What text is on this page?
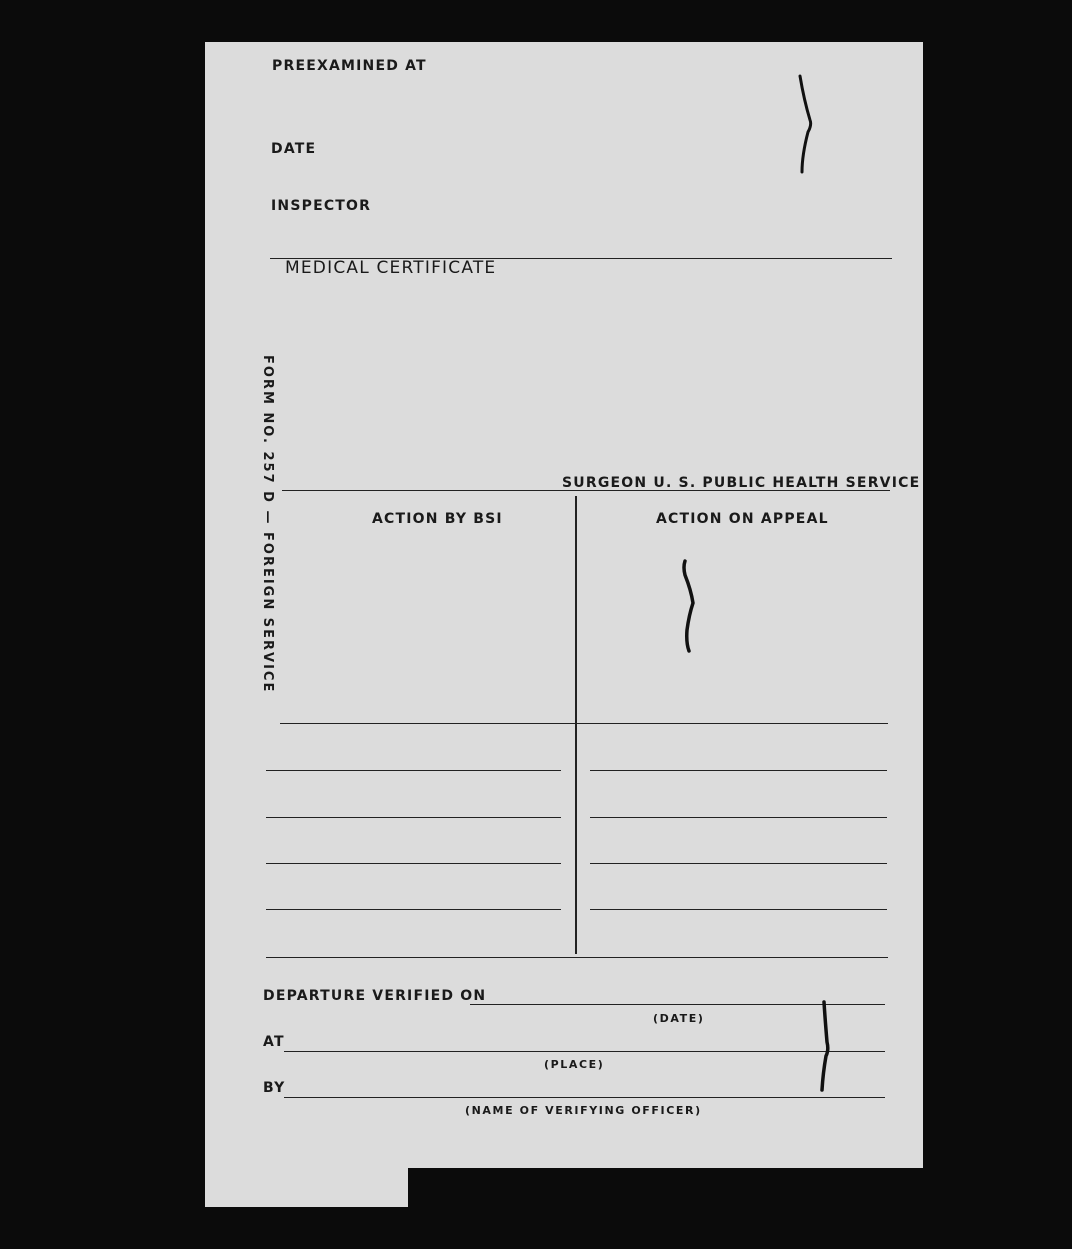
PREEXAMINED AT
DATE
INSPECTOR
MEDICAL CERTIFICATE
SURGEON U. S. PUBLIC HEALTH SERVICE
FORM NO. 257 D — FOREIGN SERVICE	ACTION BY BSI	ACTION ON APPEAL
DEPARTURE VERIFIED ON
(DATE)
AT
(PLACE)
BY
(NAME OF VERIFYING OFFICER)
